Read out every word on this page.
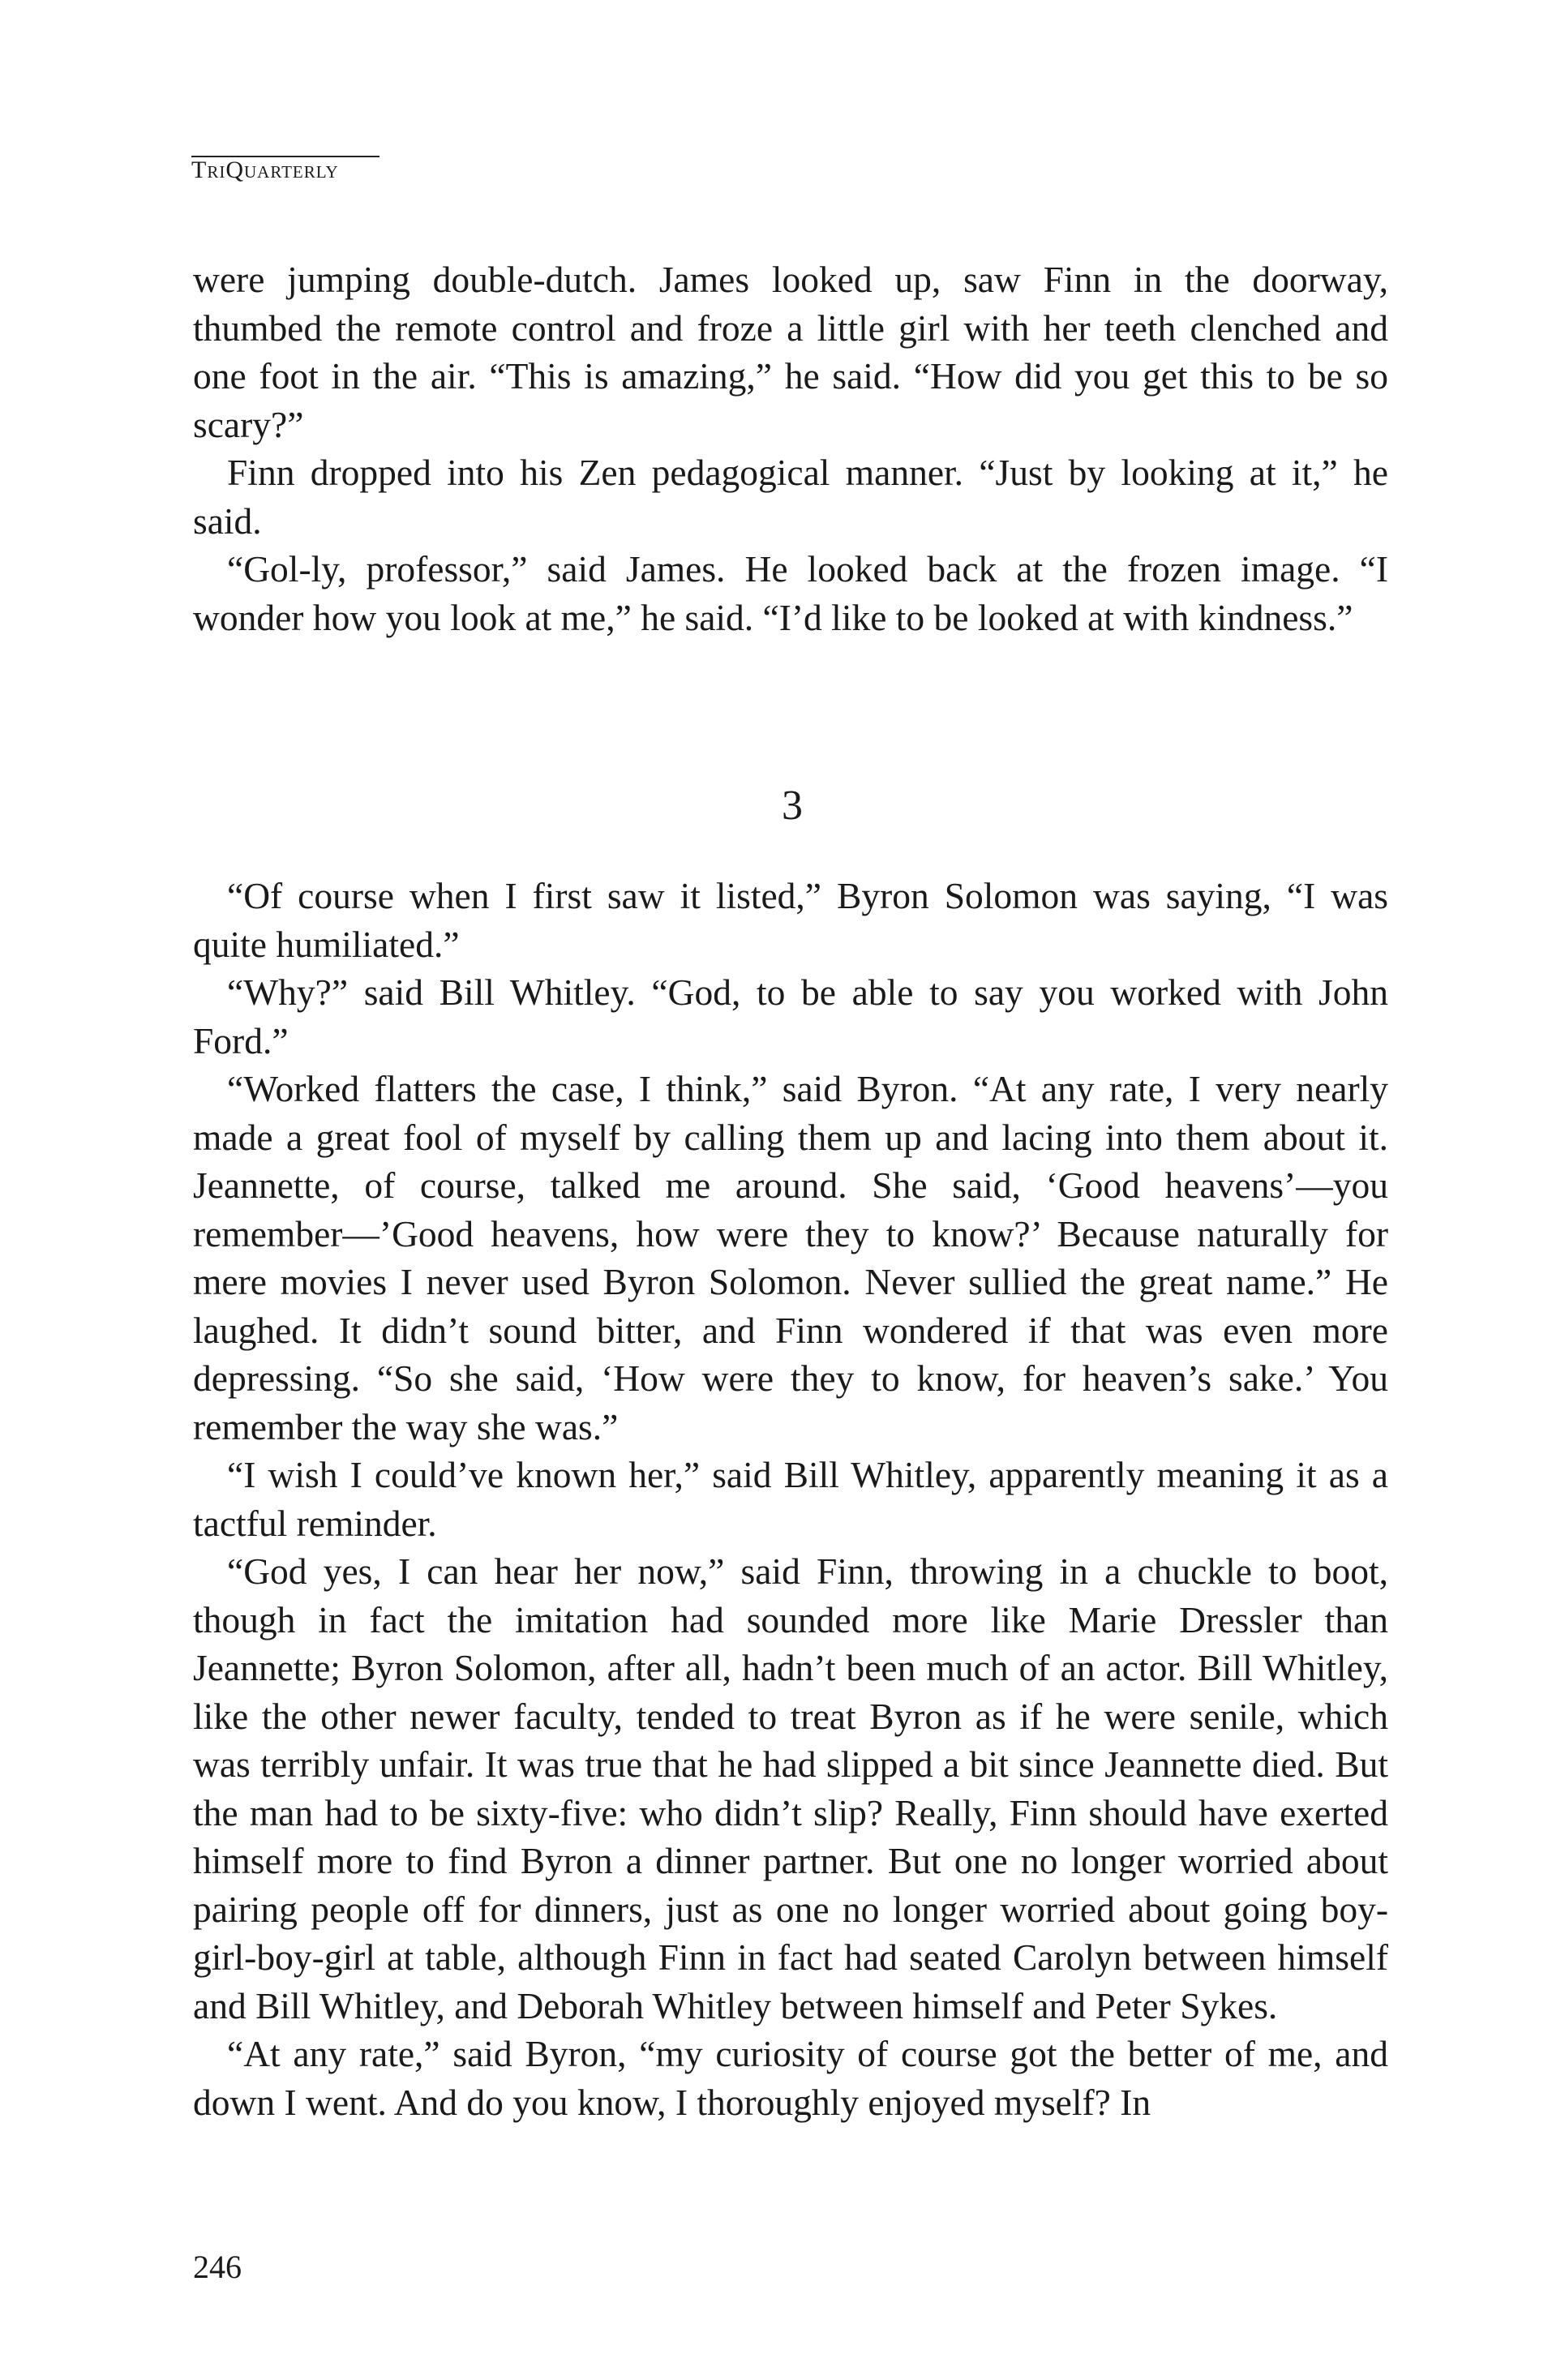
TriQuarterly

were jumping double-dutch. James looked up, saw Finn in the doorway, thumbed the remote control and froze a little girl with her teeth clenched and one foot in the air. “This is amazing,” he said. “How did you get this to be so scary?”

Finn dropped into his Zen pedagogical manner. “Just by looking at it,” he said.

“Gol-ly, professor,” said James. He looked back at the frozen image. “I wonder how you look at me,” he said. “I’d like to be looked at with kindness.”

3

“Of course when I first saw it listed,” Byron Solomon was saying, “I was quite humiliated.”

“Why?” said Bill Whitley. “God, to be able to say you worked with John Ford.”

“Worked flatters the case, I think,” said Byron. “At any rate, I very nearly made a great fool of myself by calling them up and lacing into them about it. Jeannette, of course, talked me around. She said, ‘Good heavens’—you remember—’Good heavens, how were they to know?’ Because naturally for mere movies I never used Byron Solomon. Never sullied the great name.” He laughed. It didn’t sound bitter, and Finn wondered if that was even more depressing. “So she said, ‘How were they to know, for heaven’s sake.’ You remember the way she was.”

“I wish I could’ve known her,” said Bill Whitley, apparently meaning it as a tactful reminder.

“God yes, I can hear her now,” said Finn, throwing in a chuckle to boot, though in fact the imitation had sounded more like Marie Dressler than Jeannette; Byron Solomon, after all, hadn’t been much of an actor. Bill Whitley, like the other newer faculty, tended to treat Byron as if he were senile, which was terribly unfair. It was true that he had slipped a bit since Jeannette died. But the man had to be sixty-five: who didn’t slip? Really, Finn should have exerted himself more to find Byron a dinner partner. But one no longer worried about pairing people off for dinners, just as one no longer worried about going boy-girl-boy-girl at table, although Finn in fact had seated Carolyn between himself and Bill Whitley, and Deborah Whitley between himself and Peter Sykes.

“At any rate,” said Byron, “my curiosity of course got the better of me, and down I went. And do you know, I thoroughly enjoyed myself? In

246
